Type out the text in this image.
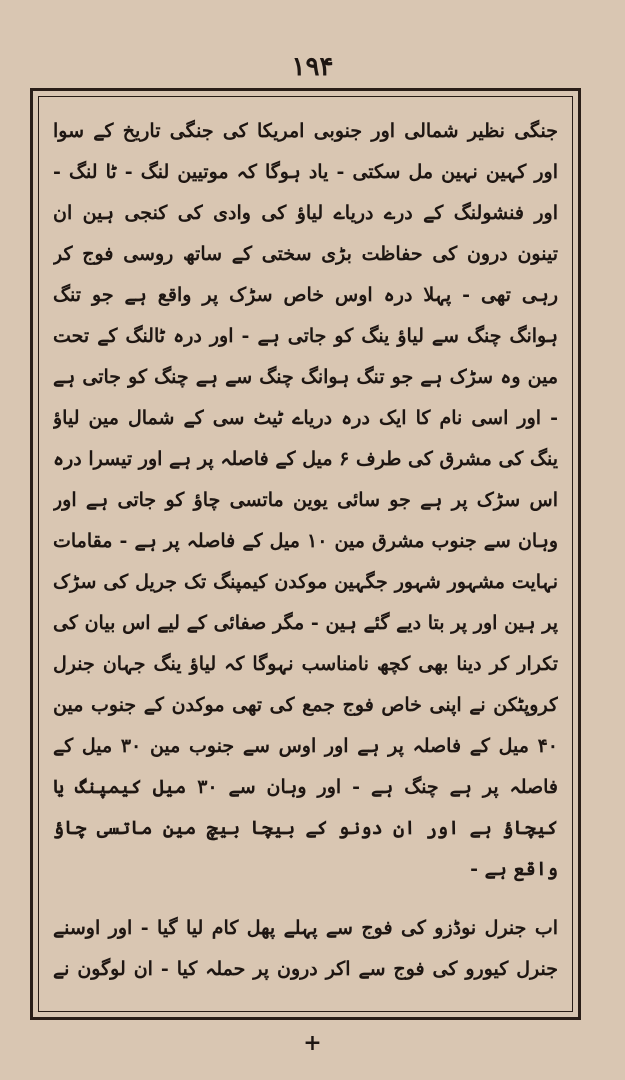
۱۹۴

جنگی نظیر شمالی اور جنوبی امریکا کی جنگی تاریخ کے سوا اور کہین نہین مل سکتی - یاد ہوگا کہ موتیین لنگ - ٹا لنگ - اور فنشولنگ کے درے دریاے لیاؤ کی وادی کی کنجی ہین ان تینون درون کی حفاظت بڑی سختی کے ساتھ روسی فوج کر رہی تھی - پہلا درہ اوس خاص سڑک پر واقع ہے جو تنگ ہوانگ چنگ سے لیاؤ ینگ کو جاتی ہے - اور درہ ٹالنگ کے تحت مین وہ سڑک ہے جو تنگ ہوانگ چنگ سے ہے چنگ کو جاتی ہے - اور اسی نام کا ایک درہ دریاے ٹیٹ سی کے شمال مین لیاؤ ینگ کی مشرق کی طرف ۶ میل کے فاصلہ پر ہے اور تیسرا درہ اس سڑک پر ہے جو سائی یوین ماتسی چاؤ کو جاتی ہے اور وہان سے جنوب مشرق مین ۱۰ میل کے فاصلہ پر ہے - مقامات نہایت مشہور شہور جگہین موکدن کیمپنگ تک جریل کی سڑک پر ہین اور پر بتا دیے گئے ہین - مگر صفائی کے لیے اس بیان کی تکرار کر دینا بھی کچھ نامناسب نہوگا کہ لیاؤ ینگ جہان جنرل کروپٹکن نے اپنی خاص فوج جمع کی تھی موکدن کے جنوب مین ۴۰ میل کے فاصلہ پر ہے اور اوس سے جنوب مین ۳۰ میل کے فاصلہ پر ہے چنگ ہے - اور وہان سے ۳۰ میل کیمپنگ یا کیچاؤ ہے اور ان دونو کے بیچا بیچ مین ماتسی چاؤ واقع ہے -

اب جنرل نوڈزو کی فوج سے پہلے پھل کام لیا گیا - اور اوسنے جنرل کیورو کی فوج سے اکر درون پر حملہ کیا - ان لوگون نے

+
